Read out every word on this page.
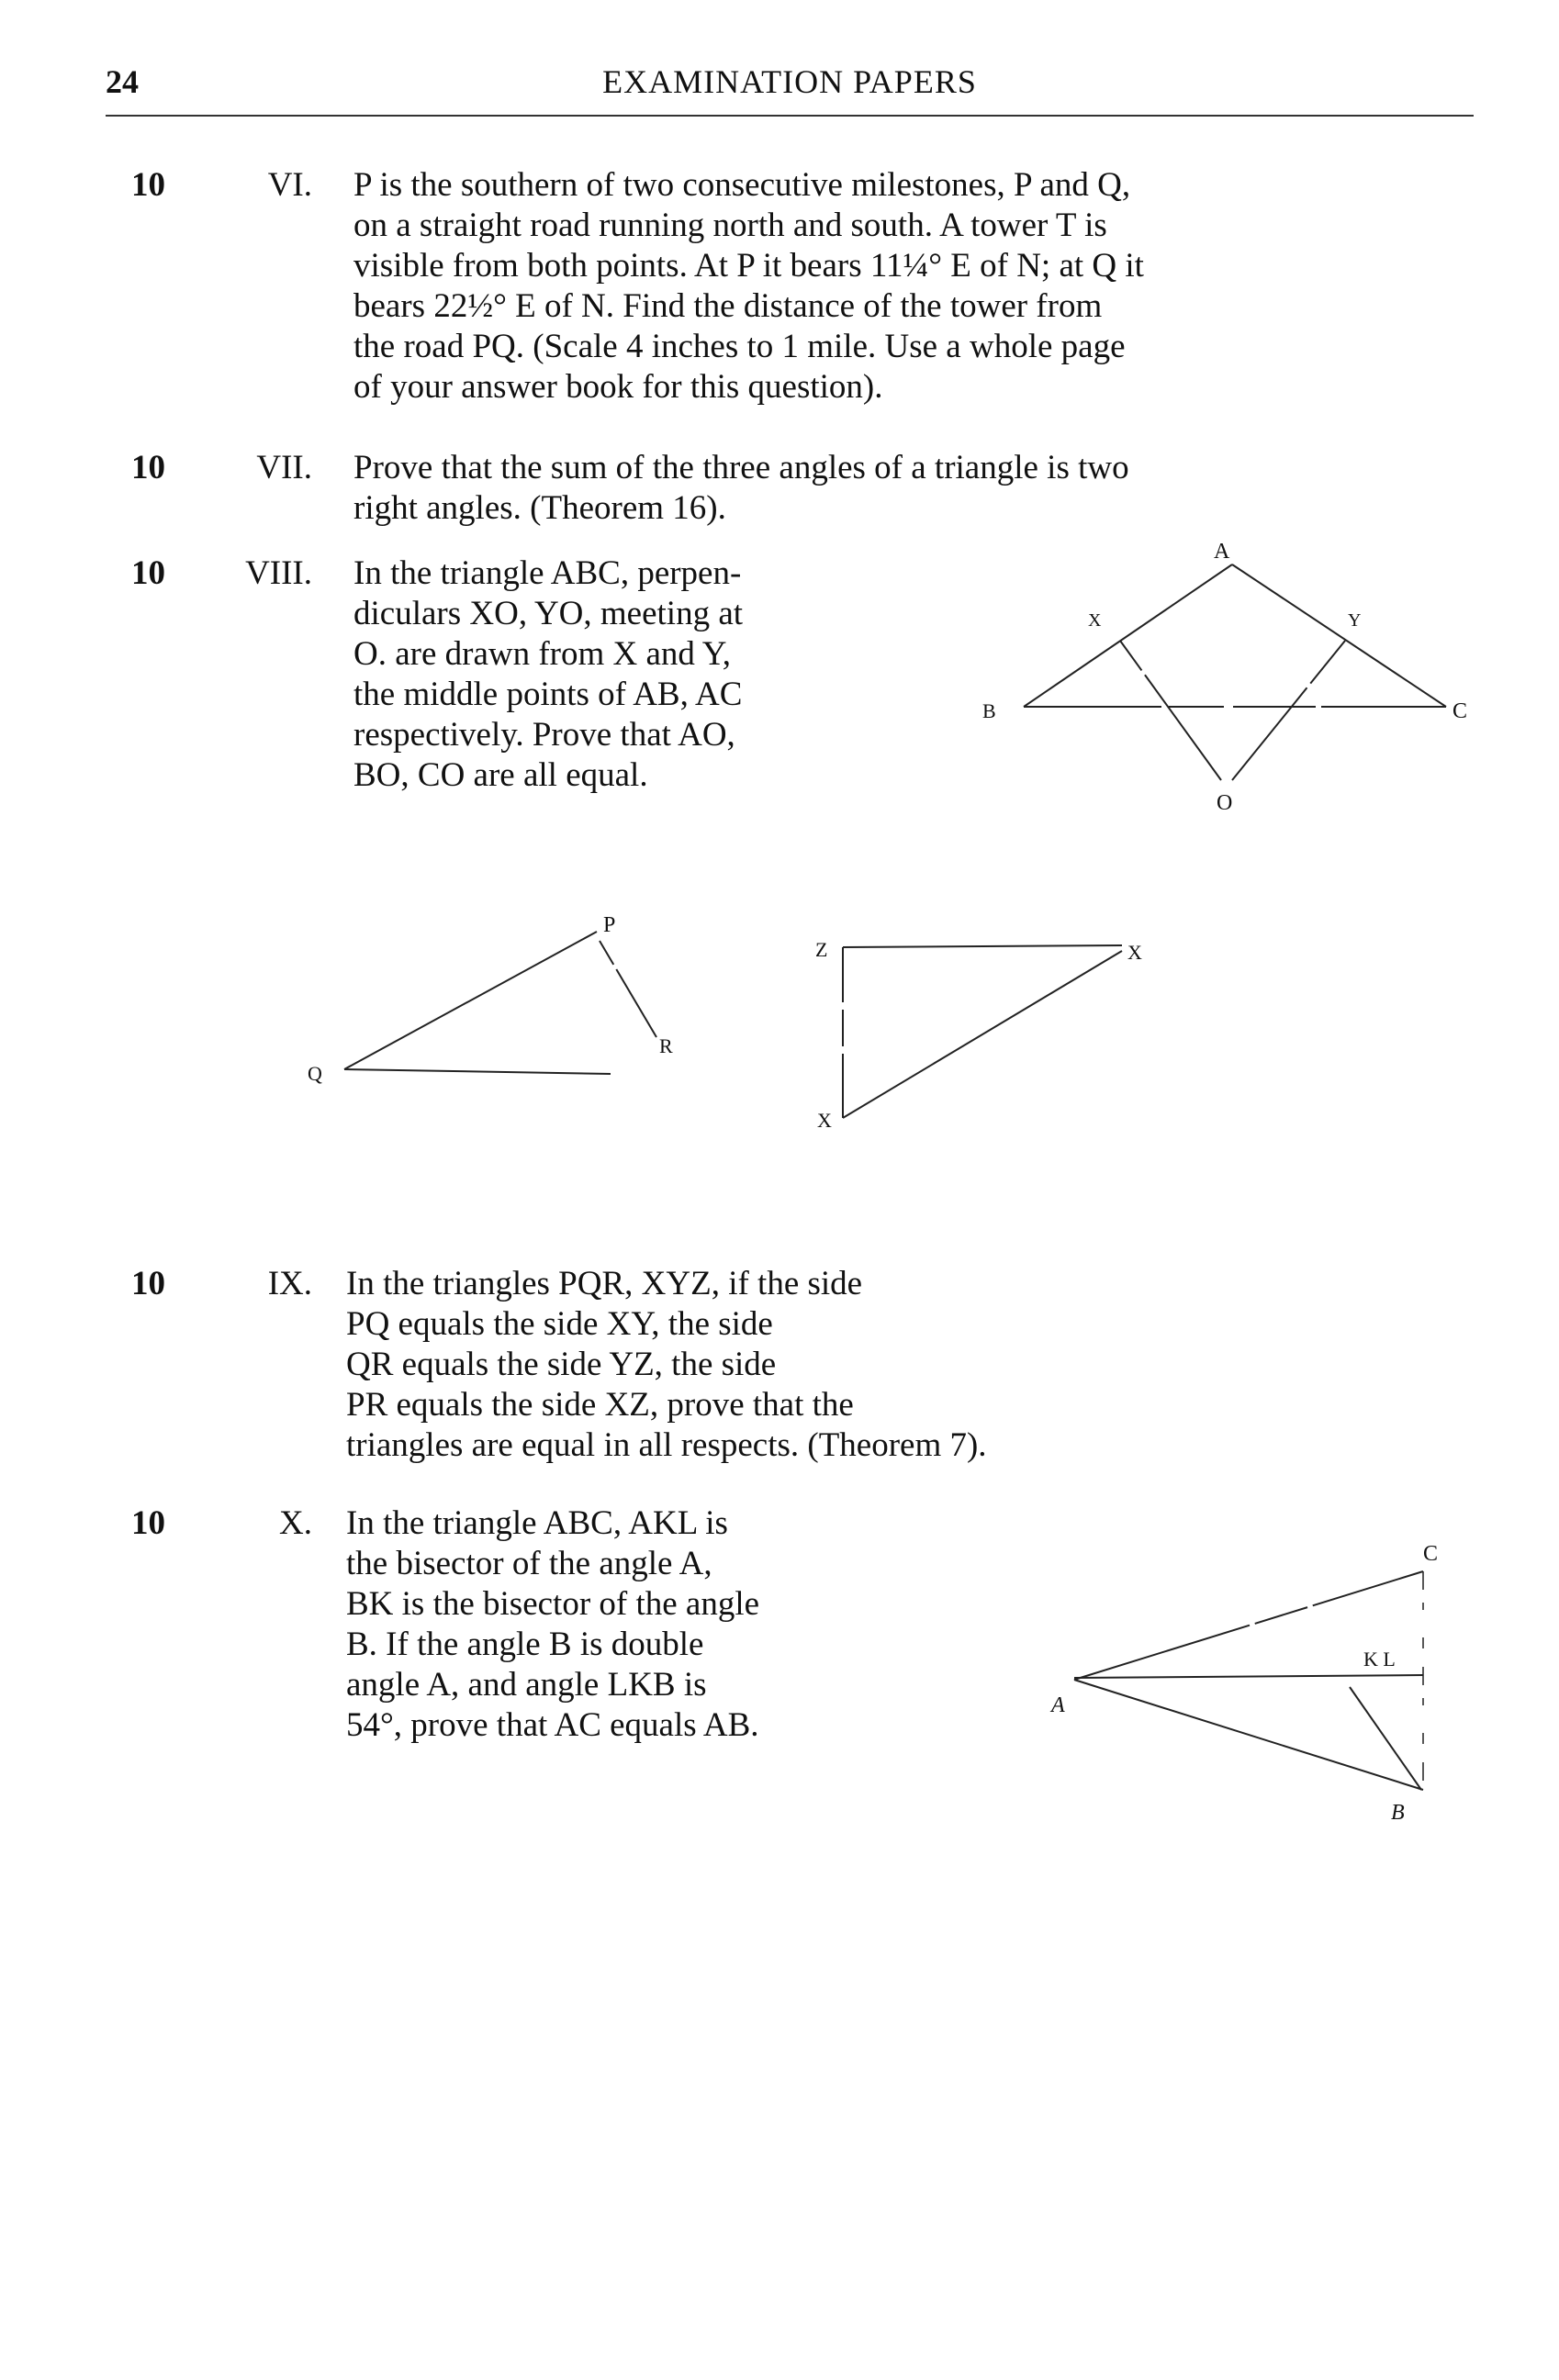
24	EXAMINATION PAPERS
10	VI. P is the southern of two consecutive milestones, P and Q,
on a straight road running north and south. A tower T is
visible from both points. At P it bears 11¼° E of N; at Q it
bears 22½° E of N. Find the distance of the tower from
the road PQ. (Scale 4 inches to 1 mile. Use a whole page
of your answer book for this question).
10	VII. Prove that the sum of the three angles of a triangle is two
right angles. (Theorem 16).
10	VIII. In the triangle ABC, perpen-
diculars XO, YO, meeting at
O. are drawn from X and Y,
the middle points of AB, AC
respectively. Prove that AO,
BO, CO are all equal.
A
B	C
X	Y
O
P
Q
R
Z
X
X
10	IX. In the triangles PQR, XYZ, if the side
PQ equals the side XY, the side
QR equals the side YZ, the side
PR equals the side XZ, prove that the
triangles are equal in all respects. (Theorem 7).
10	X. In the triangle ABC, AKL is
the bisector of the angle A,
BK is the bisector of the angle
B. If the angle B is double
angle A, and angle LKB is
54°, prove that AC equals AB.
C
K L
A
B
